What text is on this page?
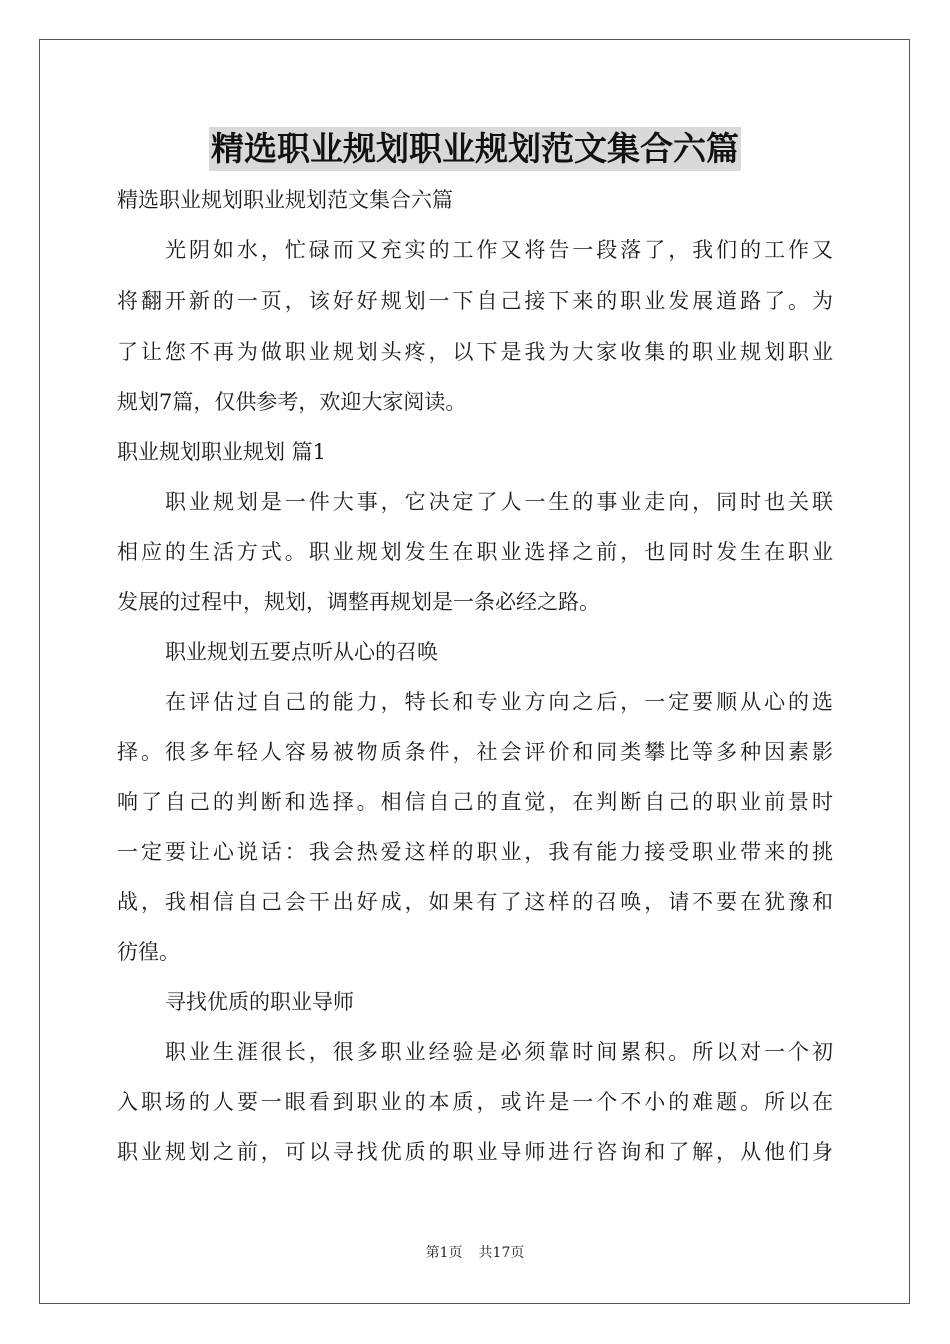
精选职业规划职业规划范文集合六篇
精选职业规划职业规划范文集合六篇
光阴如水，忙碌而又充实的工作又将告一段落了，我们的工作又
将翻开新的一页，该好好规划一下自己接下来的职业发展道路了。为
了让您不再为做职业规划头疼，以下是我为大家收集的职业规划职业
规划7篇，仅供参考，欢迎大家阅读。
职业规划职业规划 篇1
职业规划是一件大事，它决定了人一生的事业走向，同时也关联
相应的生活方式。职业规划发生在职业选择之前，也同时发生在职业
发展的过程中，规划，调整再规划是一条必经之路。
职业规划五要点听从心的召唤
在评估过自己的能力，特长和专业方向之后，一定要顺从心的选
择。很多年轻人容易被物质条件，社会评价和同类攀比等多种因素影
响了自己的判断和选择。相信自己的直觉，在判断自己的职业前景时
一定要让心说话：我会热爱这样的职业，我有能力接受职业带来的挑
战，我相信自己会干出好成，如果有了这样的召唤，请不要在犹豫和
彷徨。
寻找优质的职业导师
职业生涯很长，很多职业经验是必须靠时间累积。所以对一个初
入职场的人要一眼看到职业的本质，或许是一个不小的难题。所以在
职业规划之前，可以寻找优质的职业导师进行咨询和了解，从他们身
第1页 共17页
